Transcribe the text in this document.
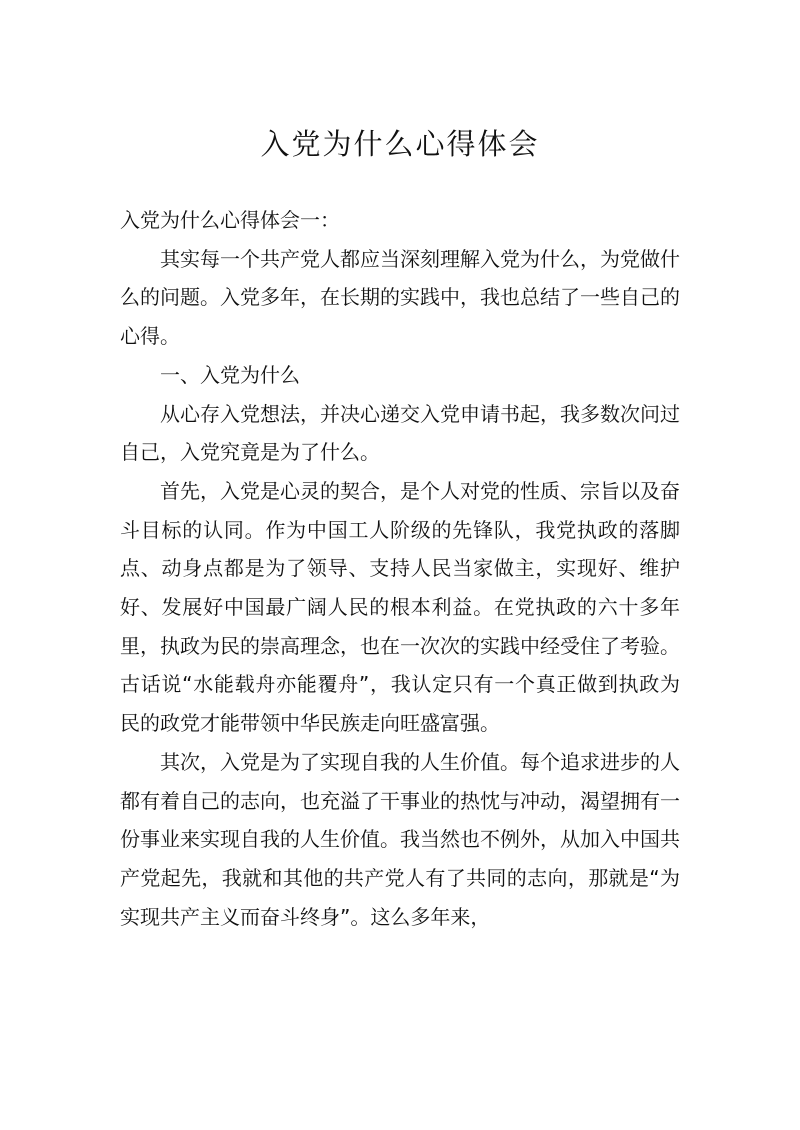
入党为什么心得体会

入党为什么心得体会一：

其实每一个共产党人都应当深刻理解入党为什么，为党做什么的问题。入党多年，在长期的实践中，我也总结了一些自己的心得。

一、入党为什么

从心存入党想法，并决心递交入党申请书起，我多数次问过自己，入党究竟是为了什么。

首先，入党是心灵的契合，是个人对党的性质、宗旨以及奋斗目标的认同。作为中国工人阶级的先锋队，我党执政的落脚点、动身点都是为了领导、支持人民当家做主，实现好、维护好、发展好中国最广阔人民的根本利益。在党执政的六十多年里，执政为民的崇高理念，也在一次次的实践中经受住了考验。古话说“水能载舟亦能覆舟”，我认定只有一个真正做到执政为民的政党才能带领中华民族走向旺盛富强。

其次，入党是为了实现自我的人生价值。每个追求进步的人都有着自己的志向，也充溢了干事业的热忱与冲动，渴望拥有一份事业来实现自我的人生价值。我当然也不例外，从加入中国共产党起先，我就和其他的共产党人有了共同的志向，那就是“为实现共产主义而奋斗终身”。这么多年来，
